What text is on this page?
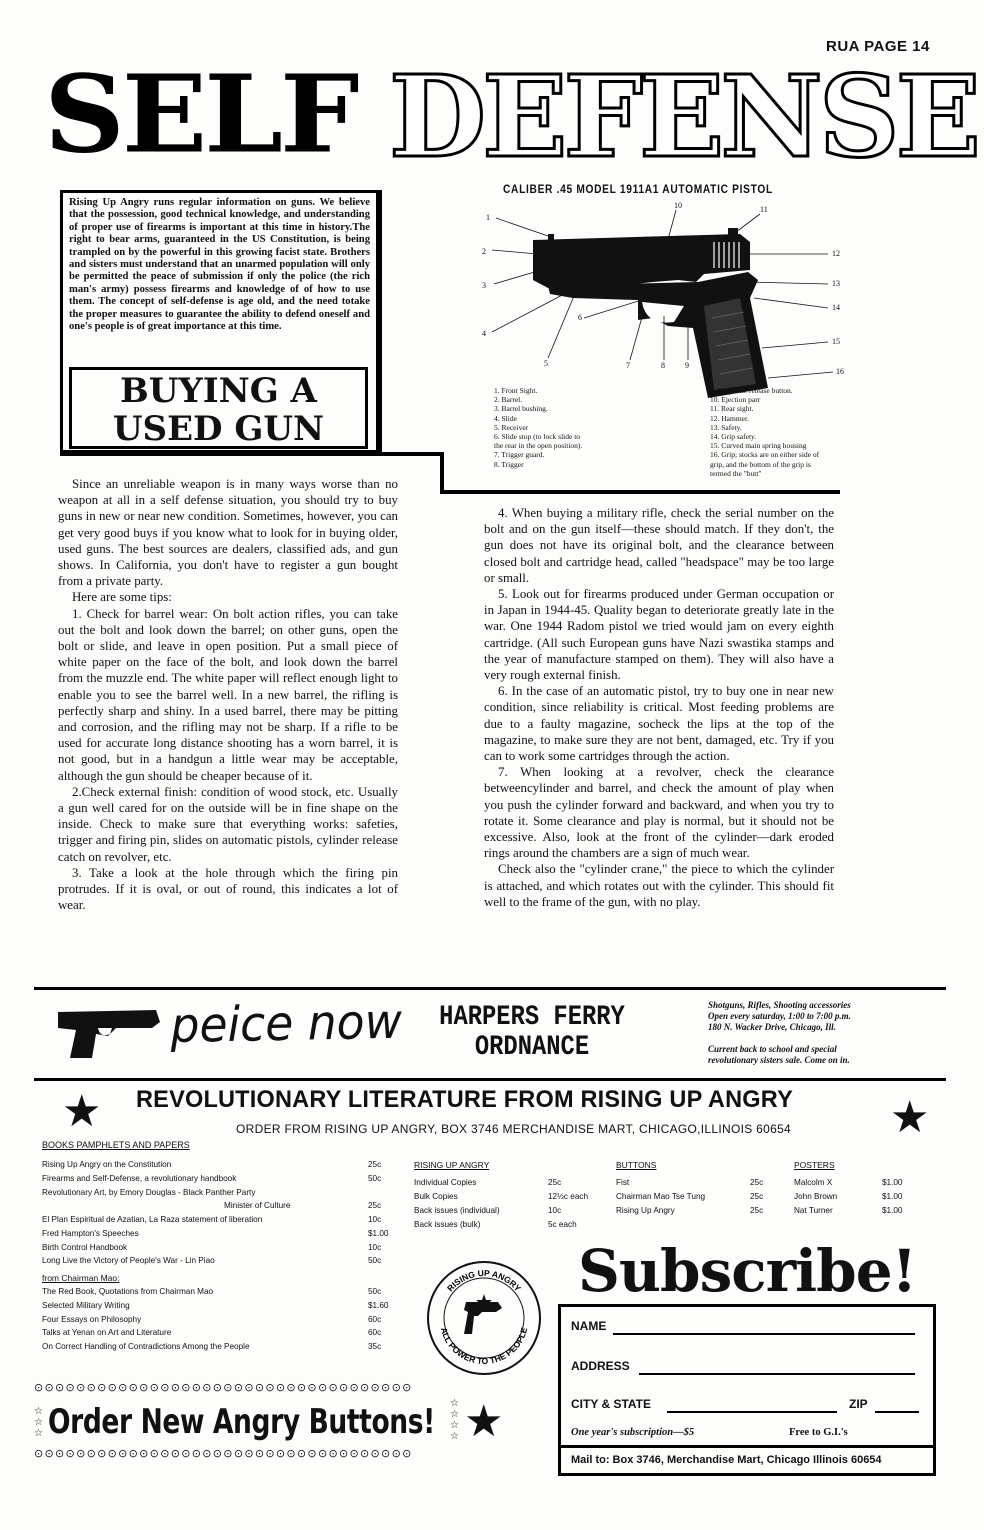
RUA PAGE 14
SELF DEFENSE
Rising Up Angry runs regular information on guns. We believe that the possession, good technical knowledge, and understanding of proper use of firearms is important at this time in history.The right to bear arms, guaranteed in the US Constitution, is being trampled on by the powerful in this growing facist state. Brothers and sisters must understand that an unarmed population will only be permitted the peace of submission if only the police (the rich man's army) possess firearms and knowledge of of how to use them. The concept of self-defense is age old, and the need totake the proper measures to guarantee the ability to defend oneself and one's people is of great importance at this time.
BUYING A
USED GUN
CALIBER .45 MODEL 1911A1 AUTOMATIC PISTOL
1
2
3
4
5
6
7	8	9
10	11
12
13
14
15
16
1. Front Sight.
2. Barrel.
3. Barrel bushing.
4. Slide
5. Receiver
6. Slide stop (to lock slide to the rear in the open position).
7. Trigger guard.
8. Trigger
9. Magazine release button.
10. Ejection parr
11. Rear sight.
12. Hammer.
13. Safety.
14. Grip safety.
15. Curved main spring housing
16. Grip; stocks are on either side of grip, and the bottom of the grip is termed the "butt"

Since an unreliable weapon is in many ways worse than no weapon at all in a self defense situation, you should try to buy guns in new or near new condition. Sometimes, however, you can get very good buys if you know what to look for in buying older, used guns. The best sources are dealers, classified ads, and gun shows. In California, you don't have to register a gun bought from a private party.

Here are some tips:

1. Check for barrel wear: On bolt action rifles, you can take out the bolt and look down the barrel; on other guns, open the bolt or slide, and leave in open position. Put a small piece of white paper on the face of the bolt, and look down the barrel from the muzzle end. The white paper will reflect enough light to enable you to see the barrel well. In a new barrel, the rifling is perfectly sharp and shiny. In a used barrel, there may be pitting and corrosion, and the rifling may not be sharp. If a rifle to be used for accurate long distance shooting has a worn barrel, it is not good, but in a handgun a little wear may be acceptable, although the gun should be cheaper because of it.

2.Check external finish: condition of wood stock, etc. Usually a gun well cared for on the outside will be in fine shape on the inside. Check to make sure that everything works: safeties, trigger and firing pin, slides on automatic pistols, cylinder release catch on revolver, etc.

3. Take a look at the hole through which the firing pin protrudes. If it is oval, or out of round, this indicates a lot of wear.

4. When buying a military rifle, check the serial number on the bolt and on the gun itself—these should match. If they don't, the gun does not have its original bolt, and the clearance between closed bolt and cartridge head, called "headspace" may be too large or small.

5. Look out for firearms produced under German occupation or in Japan in 1944-45. Quality began to deteriorate greatly late in the war. One 1944 Radom pistol we tried would jam on every eighth cartridge. (All such European guns have Nazi swastika stamps and the year of manufacture stamped on them). They will also have a very rough external finish.

6. In the case of an automatic pistol, try to buy one in near new condition, since reliability is critical. Most feeding problems are due to a faulty magazine, socheck the lips at the top of the magazine, to make sure they are not bent, damaged, etc. Try if you can to work some cartridges through the action.

7. When looking at a revolver, check the clearance betweencylinder and barrel, and check the amount of play when you push the cylinder forward and backward, and when you try to rotate it. Some clearance and play is normal, but it should not be excessive. Also, look at the front of the cylinder—dark eroded rings around the chambers are a sign of much wear.

Check also the "cylinder crane," the piece to which the cylinder is attached, and which rotates out with the cylinder. This should fit well to the frame of the gun, with no play.

peice now	HARPERS FERRY
ORDNANCE
Shotguns, Rifles, Shooting accessories
Open every saturday, 1:00 to 7:00 p.m.
180 N. Wacker Drive, Chicago, Ill.
Current back to school and special
revolutionary sisters sale. Come on in.
★	★
REVOLUTIONARY LITERATURE FROM RISING UP ANGRY
ORDER FROM RISING UP ANGRY, BOX 3746 MERCHANDISE MART, CHICAGO,ILLINOIS 60654
BOOKS PAMPHLETS AND PAPERS
Rising Up Angry on the Constitution	25c
Firearms and Self-Defense, a revolutionary handbook	50c
Revolutionary Art, by Emory Douglas - Black Panther Party
Minister of Culture	25c
El Plan Espiritual de Azatian, La Raza statement of liberation	10c
Fred Hampton's Speeches	$1.00
Birth Control Handbook	10c
Long Live the Victory of People's War - Lin Piao	50c
from Chairman Mao:
The Red Book, Quotations from Chairman Mao	50c
Selected Military Writing	$1.60
Four Essays on Philosophy	60c
Talks at Yenan on Art and Literature	60c
On Correct Handling of Contradictions Among the People	35c
RISING UP ANGRY
Individual Copies	25c
Bulk Copies	12½c each
Back issues (individual)	10c
Back issues (bulk)	5c each
BUTTONS
Fist	25c
Chairman Mao Tse Tung	25c
Rising Up Angry	25c
POSTERS
Malcolm X	$1.00
John Brown	$1.00
Nat Turner	$1.00
RISING UP ANGRY
ALL POWER TO THE PEOPLE
Subscribe!
NAME
ADDRESS
CITY & STATE	ZIP
One year's subscription—$5	Free to G.I.'s
Mail to: Box 3746, Merchandise Mart, Chicago Illinois 60654
⊙⊙⊙⊙⊙⊙⊙⊙⊙⊙⊙⊙⊙⊙⊙⊙⊙⊙⊙⊙⊙⊙⊙⊙⊙⊙⊙⊙⊙⊙⊙⊙⊙⊙⊙⊙
☆
☆
☆ Order New Angry Buttons! ☆
☆
☆
☆ ★
⊙⊙⊙⊙⊙⊙⊙⊙⊙⊙⊙⊙⊙⊙⊙⊙⊙⊙⊙⊙⊙⊙⊙⊙⊙⊙⊙⊙⊙⊙⊙⊙⊙⊙⊙⊙
